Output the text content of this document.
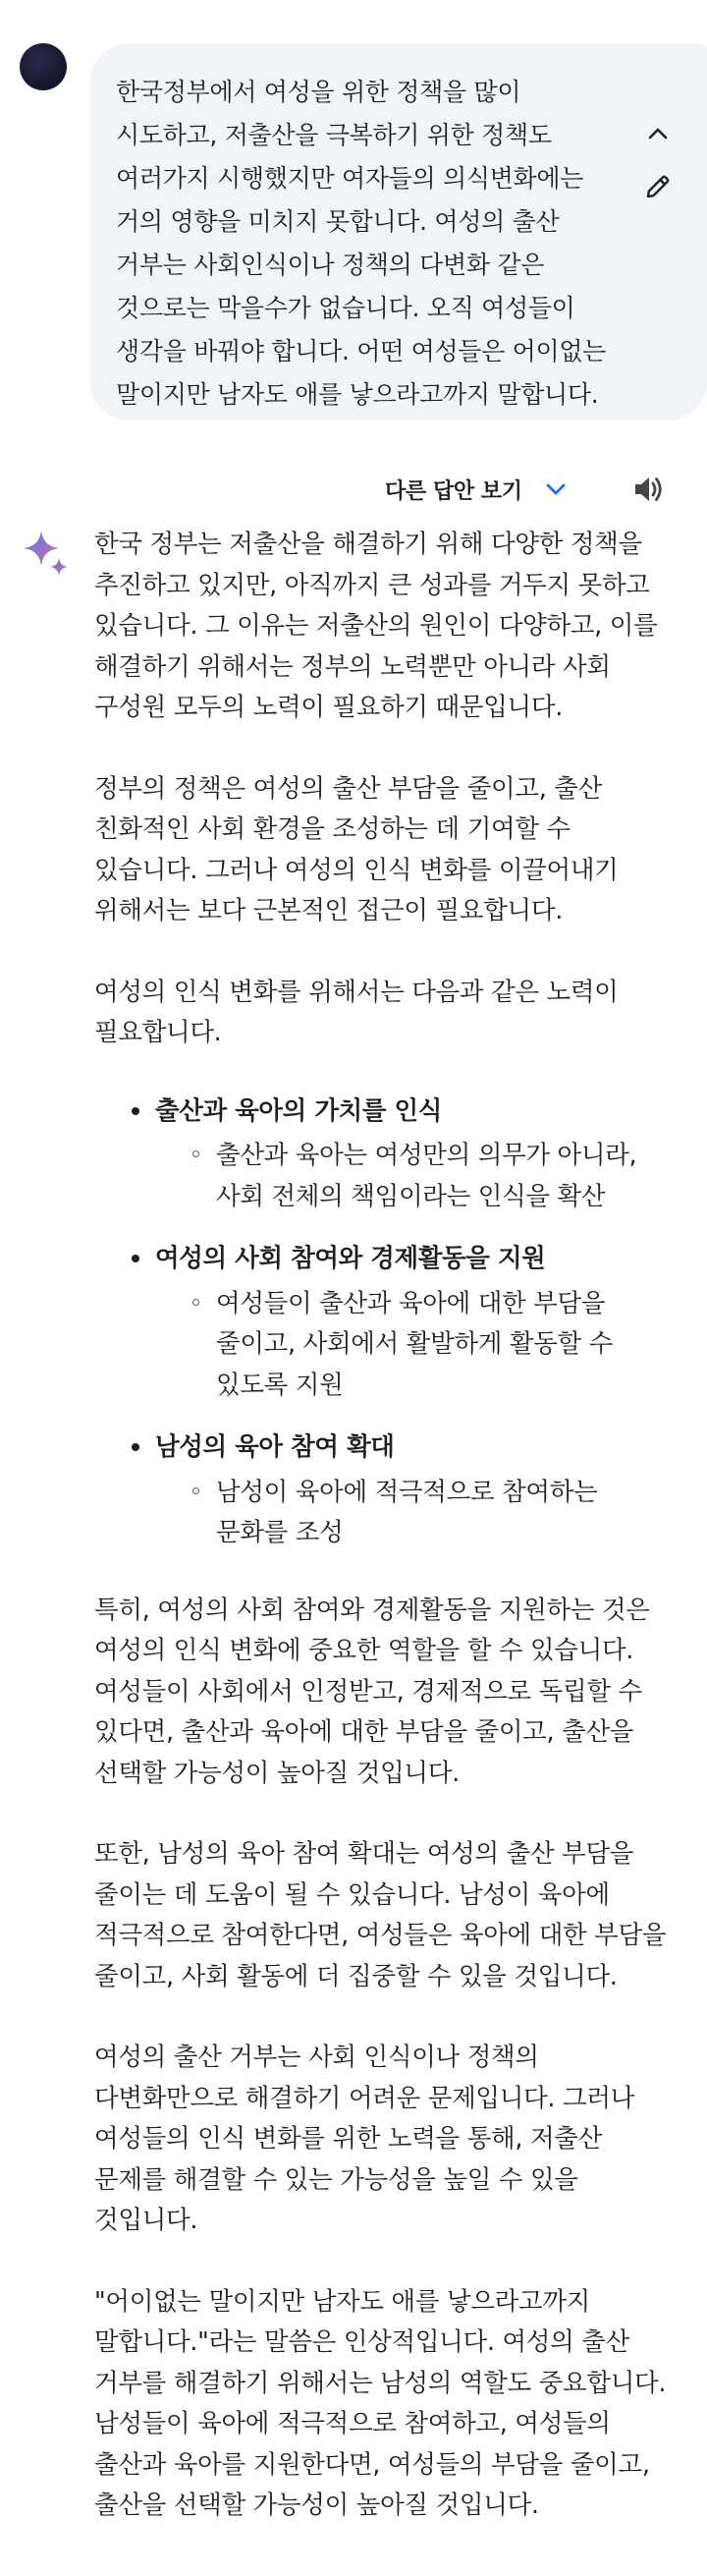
한국정부에서 여성을 위한 정책을 많이 시도하고, 저출산을 극복하기 위한 정책도 여러가지 시행했지만 여자들의 의식변화에는 거의 영향을 미치지 못합니다. 여성의 출산 거부는 사회인식이나 정책의 다변화 같은 것으로는 막을수가 없습니다. 오직 여성들이 생각을 바꿔야 합니다. 어떤 여성들은 어이없는 말이지만 남자도 애를 낳으라고까지 말합니다.

다른 답안 보기

한국 정부는 저출산을 해결하기 위해 다양한 정책을 추진하고 있지만, 아직까지 큰 성과를 거두지 못하고 있습니다. 그 이유는 저출산의 원인이 다양하고, 이를 해결하기 위해서는 정부의 노력뿐만 아니라 사회 구성원 모두의 노력이 필요하기 때문입니다.

정부의 정책은 여성의 출산 부담을 줄이고, 출산 친화적인 사회 환경을 조성하는 데 기여할 수 있습니다. 그러나 여성의 인식 변화를 이끌어내기 위해서는 보다 근본적인 접근이 필요합니다.

여성의 인식 변화를 위해서는 다음과 같은 노력이 필요합니다.

출산과 육아의 가치를 인식
출산과 육아는 여성만의 의무가 아니라, 사회 전체의 책임이라는 인식을 확산
여성의 사회 참여와 경제활동을 지원
여성들이 출산과 육아에 대한 부담을 줄이고, 사회에서 활발하게 활동할 수 있도록 지원
남성의 육아 참여 확대
남성이 육아에 적극적으로 참여하는 문화를 조성

특히, 여성의 사회 참여와 경제활동을 지원하는 것은 여성의 인식 변화에 중요한 역할을 할 수 있습니다. 여성들이 사회에서 인정받고, 경제적으로 독립할 수 있다면, 출산과 육아에 대한 부담을 줄이고, 출산을 선택할 가능성이 높아질 것입니다.

또한, 남성의 육아 참여 확대는 여성의 출산 부담을 줄이는 데 도움이 될 수 있습니다. 남성이 육아에 적극적으로 참여한다면, 여성들은 육아에 대한 부담을 줄이고, 사회 활동에 더 집중할 수 있을 것입니다.

여성의 출산 거부는 사회 인식이나 정책의 다변화만으로 해결하기 어려운 문제입니다. 그러나 여성들의 인식 변화를 위한 노력을 통해, 저출산 문제를 해결할 수 있는 가능성을 높일 수 있을 것입니다.

"어이없는 말이지만 남자도 애를 낳으라고까지 말합니다."라는 말씀은 인상적입니다. 여성의 출산 거부를 해결하기 위해서는 남성의 역할도 중요합니다. 남성들이 육아에 적극적으로 참여하고, 여성들의 출산과 육아를 지원한다면, 여성들의 부담을 줄이고, 출산을 선택할 가능성이 높아질 것입니다.
